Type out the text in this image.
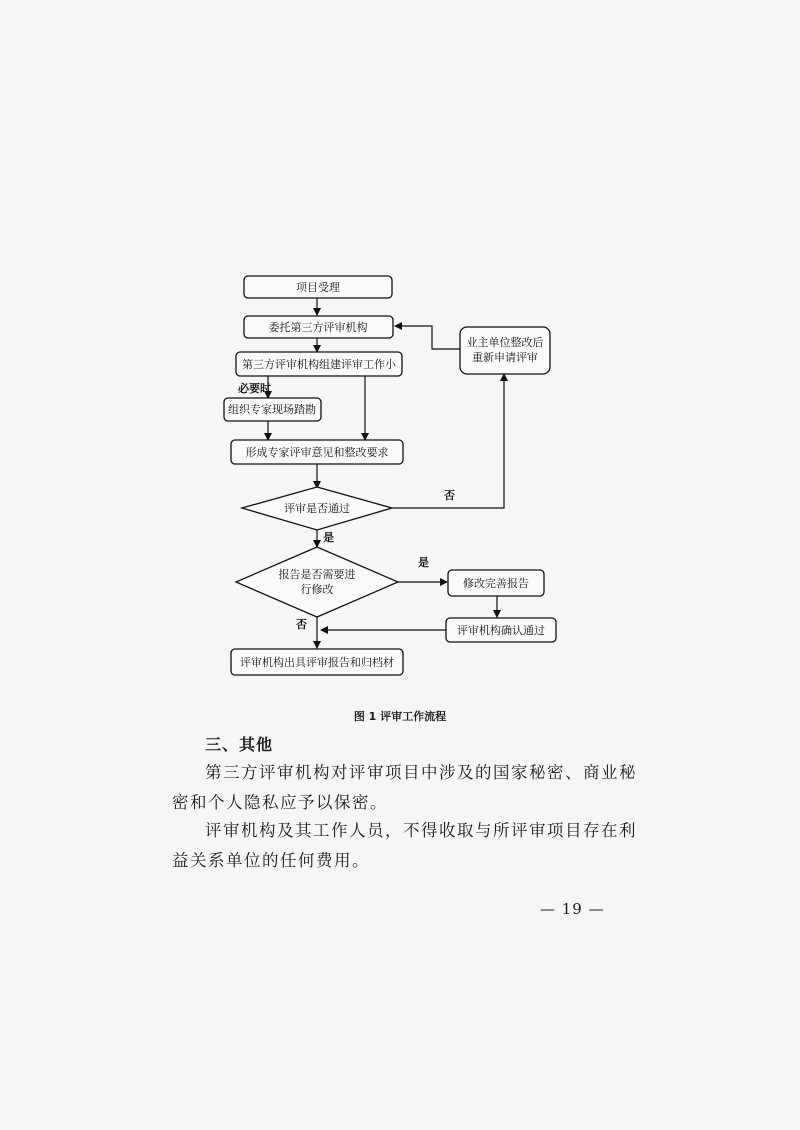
项目受理
委托第三方评审机构
第三方评审机构组建评审工作小
组织专家现场踏勘
形成专家评审意见和整改要求
评审是否通过
报告是否需要进
行修改	修改完善报告
评审机构确认通过
评审机构出具评审报告和归档材
业主单位整改后
重新申请评审
必要时
否
是
是
否
图 1 评审工作流程
三、其他

第三方评审机构对评审项目中涉及的国家秘密、商业秘密和个人隐私应予以保密。

评审机构及其工作人员，不得收取与所评审项目存在利益关系单位的任何费用。

— 19 —
